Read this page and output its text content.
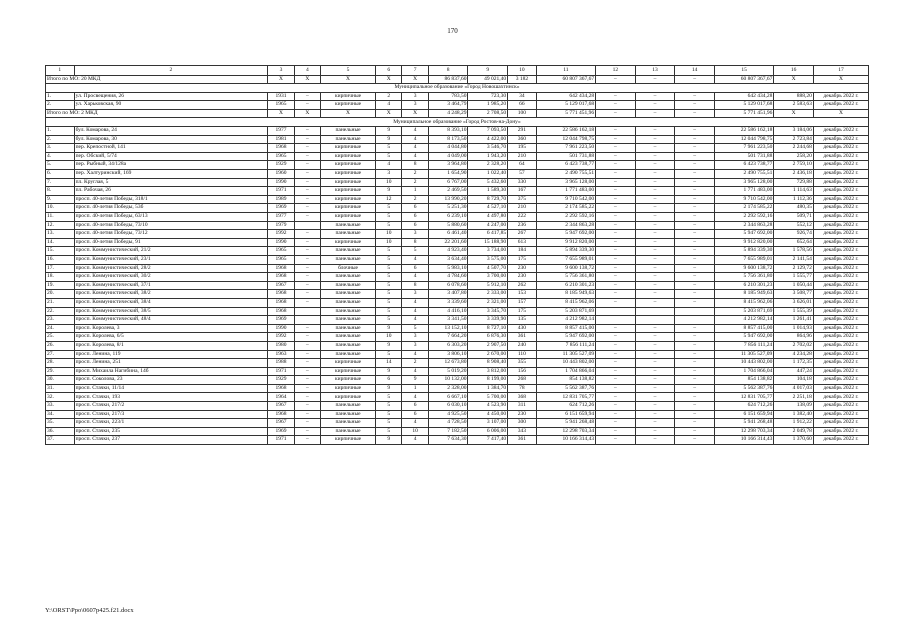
170
1	2	3	4	5	6	7	8	9	10	11	12	13	14	15	16	17
Итого по МО: 20 МКД		X	X	X	X	X	86 837,60	49 021,40	3 182	60 807 367,67	–	–	–	60 807 367,67	X	X
Муниципальное образование «Город Новошахтинск»																
1.	ул. Просвещения, 26	1931	–	кирпичные	2	3	783,50	723,30	34	642 434,28	–	–	–	642 434,28	888,20	декабрь 2022 г.
2.	ул. Харьковская, 90	1965	–	кирпичные	4	3	3 464,79	1 985,20	66	5 129 017,68	–	–	–	5 129 017,68	2 583,63	декабрь 2022 г.
Итого по МО: 2 МКД		X	X	X	X	X	4 248,29	2 708,50	100	5 771 451,96	–	–	–	5 771 451,96	X	X
Муниципальное образование «Город Ростов-на-Дону»																
1.	бул. Комарова, 24	1977	–	панельные	9	4	8 393,10	7 093,50	291	22 586 162,18	–	–	–	22 586 162,18	3 184,06	декабрь 2022 г.
2.	бул. Комарова, 30	1981	–	панельные	9	4	8 173,50	4 422,00	360	12 044 798,75	–	–	–	12 044 798,75	2 723,84	декабрь 2022 г.
3.	пер. Крепостной, 141	1968	–	кирпичные	5	4	4 044,80	3 546,70	195	7 961 223,50	–	–	–	7 961 223,50	2 244,68	декабрь 2022 г.
4.	пер. Обский, 5/74	1965	–	кирпичные	5	4	4 049,00	1 943,20	210	501 731,88	–	–	–	501 731,88	258,20	декабрь 2022 г.
5.	пер. Рыбный, 34/128а	1929	–	кирпичные	4	8	3 964,80	2 328,20	64	6 423 738,77	–	–	–	6 423 738,77	2 759,10	декабрь 2022 г.
6.	пер. Халтуринский, 169	1960	–	кирпичные	3	2	1 654,90	1 022,40	57	2 490 755,51	–	–	–	2 490 755,51	2 436,18	декабрь 2022 г.
7.	пл. Круглая, 5	1990	–	кирпичные	10	2	6 767,00	5 432,60	330	3 965 128,00	–	–	–	3 965 128,00	729,88	декабрь 2022 г.
8.	пл. Рабочая, 26	1971	–	кирпичные	9	1	2 469,50	1 589,30	167	1 771 483,00	–	–	–	1 771 483,00	1 114,63	декабрь 2022 г.
9.	просп. 40-летия Победы, 318/1	1989	–	кирпичные	12	2	13 990,20	8 729,70	375	9 710 542,00	–	–	–	9 710 542,00	1 112,36	декабрь 2022 г.
10.	просп. 40-летия Победы, 53б	1969	–	кирпичные	5	6	5 251,30	4 527,10	210	2 174 585,22	–	–	–	2 174 585,22	480,35	декабрь 2022 г.
11.	просп. 40-летия Победы, 63/13	1977	–	кирпичные	5	6	6 239,10	4 497,80	222	2 292 592,16	–	–	–	2 292 592,16	509,71	декабрь 2022 г.
12.	просп. 40-летия Победы, 73/10	1979		панельные	5	6	5 880,60	4 247,00	236	2 344 863,28	–	–	–	2 344 863,28	552,12	декабрь 2022 г.
13.	просп. 40-летия Победы, 73/12	1992	–	панельные	10	3	6 461,40	6 417,85	267	5 947 692,00	–	–	–	5 947 692,00	926,74	декабрь 2022 г.
14.	просп. 40-летия Победы, 91	1990	–	кирпичные	10	8	22 201,60	15 188,90	613	9 912 820,00	–	–	–	9 912 820,00	652,64	декабрь 2022 г.
15.	просп. Коммунистический, 21/2	1965	–	панельные	5	5	4 923,40	3 734,00	184	5 894 339,30	–	–	–	5 894 339,30	1 578,56	декабрь 2022 г.
16.	просп. Коммунистический, 23/1	1965	–	панельные	5	4	3 634,40	3 575,00	175	7 655 989,01	–	–	–	7 655 989,01	2 141,54	декабрь 2022 г.
17.	просп. Коммунистический, 28/2	1968	–	блочные	5	6	5 983,10	4 507,70	230	9 600 138,72	–	–	–	9 600 138,72	2 129,72	декабрь 2022 г.
18.	просп. Коммунистический, 30/2	1968	–	панельные	5	4	4 784,60	3 700,00	230	5 756 361,80	–	–	–	5 756 361,80	1 555,77	декабрь 2022 г.
19.	просп. Коммунистический, 37/1	1967	–	панельные	5	8	6 078,60	5 912,10	262	6 210 301,23	–	–	–	6 210 301,23	1 050,44	декабрь 2022 г.
20.	просп. Коммунистический, 38/2	1968	–	панельные	5	3	3 407,80	2 333,00	153	8 185 949,63	–	–	–	8 185 949,63	3 508,77	декабрь 2022 г.
21.	просп. Коммунистический, 38/4	1968	–	панельные	5	4	3 339,60	2 321,00	157	8 415 962,06	–	–	–	8 415 962,06	3 626,01	декабрь 2022 г.
22.	просп. Коммунистический, 38/5	1968		панельные	5	4	4 416,10	3 345,70	175	5 203 871,69				5 203 871,69	1 555,39	декабрь 2022 г.
23.	просп. Коммунистический, 48/4	1969		панельные	5	4	3 341,50	3 339,90	135	4 212 982,14				4 212 982,14	1 261,41	декабрь 2022 г.
24.	просп. Королева, 3	1990	–	панельные	9	5	13 152,10	8 727,10	430	8 857 415,00	–	–	–	8 857 415,00	1 014,93	декабрь 2022 г.
25.	просп. Королева, 6/5	1992	–	панельные	10	3	7 664,20	6 876,30	361	5 947 692,00	–	–	–	5 947 692,00	864,96	декабрь 2022 г.
26.	просп. Королева, 8/1	1980	–	панельные	9	3	6 303,20	2 907,50	240	7 856 111,24	–	–	–	7 856 111,24	2 702,02	декабрь 2022 г.
27.	просп. Ленина, 119	1963	–	панельные	5	4	3 806,10	2 670,00	110	11 305 527,09	–	–	–	11 305 527,09	4 234,28	декабрь 2022 г.
28.	просп. Ленина, 251	1988	–	кирпичные	14	2	12 673,80	8 908,40	355	10 443 802,00	–	–	–	10 443 802,00	1 172,35	декабрь 2022 г.
29.	просп. Михаила Нагибина, 14б	1971	–	кирпичные	9	4	5 019,20	3 812,00	156	1 704 866,04	–	–	–	1 704 866,04	447,24	декабрь 2022 г.
30.	просп. Соколова, 23	1929	–	кирпичные	6	9	10 132,00	8 199,00	268	854 138,82	–	–	–	854 138,82	104,18	декабрь 2022 г.
31.	просп. Стачки, 11/14	1968	–	кирпичные	9	1	2 328,00	1 384,70	78	5 562 387,76	–	–	–	5 562 387,76	4 017,03	декабрь 2022 г.
32.	просп. Стачки, 193	1964	–	кирпичные	5	4	6 667,10	5 700,00	368	12 831 705,77	–	–	–	12 831 705,77	2 251,18	декабрь 2022 г.
33.	просп. Стачки, 217/2	1967	–	панельные	5	6	6 030,10	4 523,90	311	624 712,26	–	–	–	624 712,26	138,09	декабрь 2022 г.
34.	просп. Стачки, 217/3	1968	–	панельные	5	6	4 925,50	4 450,00	230	6 151 659,94	–	–	–	6 151 659,94	1 382,40	декабрь 2022 г.
35.	просп. Стачки, 223/1	1967	–	панельные	5	4	4 728,50	3 107,00	300	5 941 268,48	–	–	–	5 941 268,48	1 912,22	декабрь 2022 г.
36.	просп. Стачки, 235	1969	–	панельные	5	10	7 182,50	6 006,00	343	12 298 703,34	–	–	–	12 298 703,34	2 049,78	декабрь 2022 г.
37.	просп. Стачки, 237	1971	–	кирпичные	9	4	7 634,30	7 417,40	361	10 166 314,43	–	–	–	10 166 314,43	1 370,60	декабрь 2022 г.
Y:\ORST\Ppo\0607p425.f21.docx
